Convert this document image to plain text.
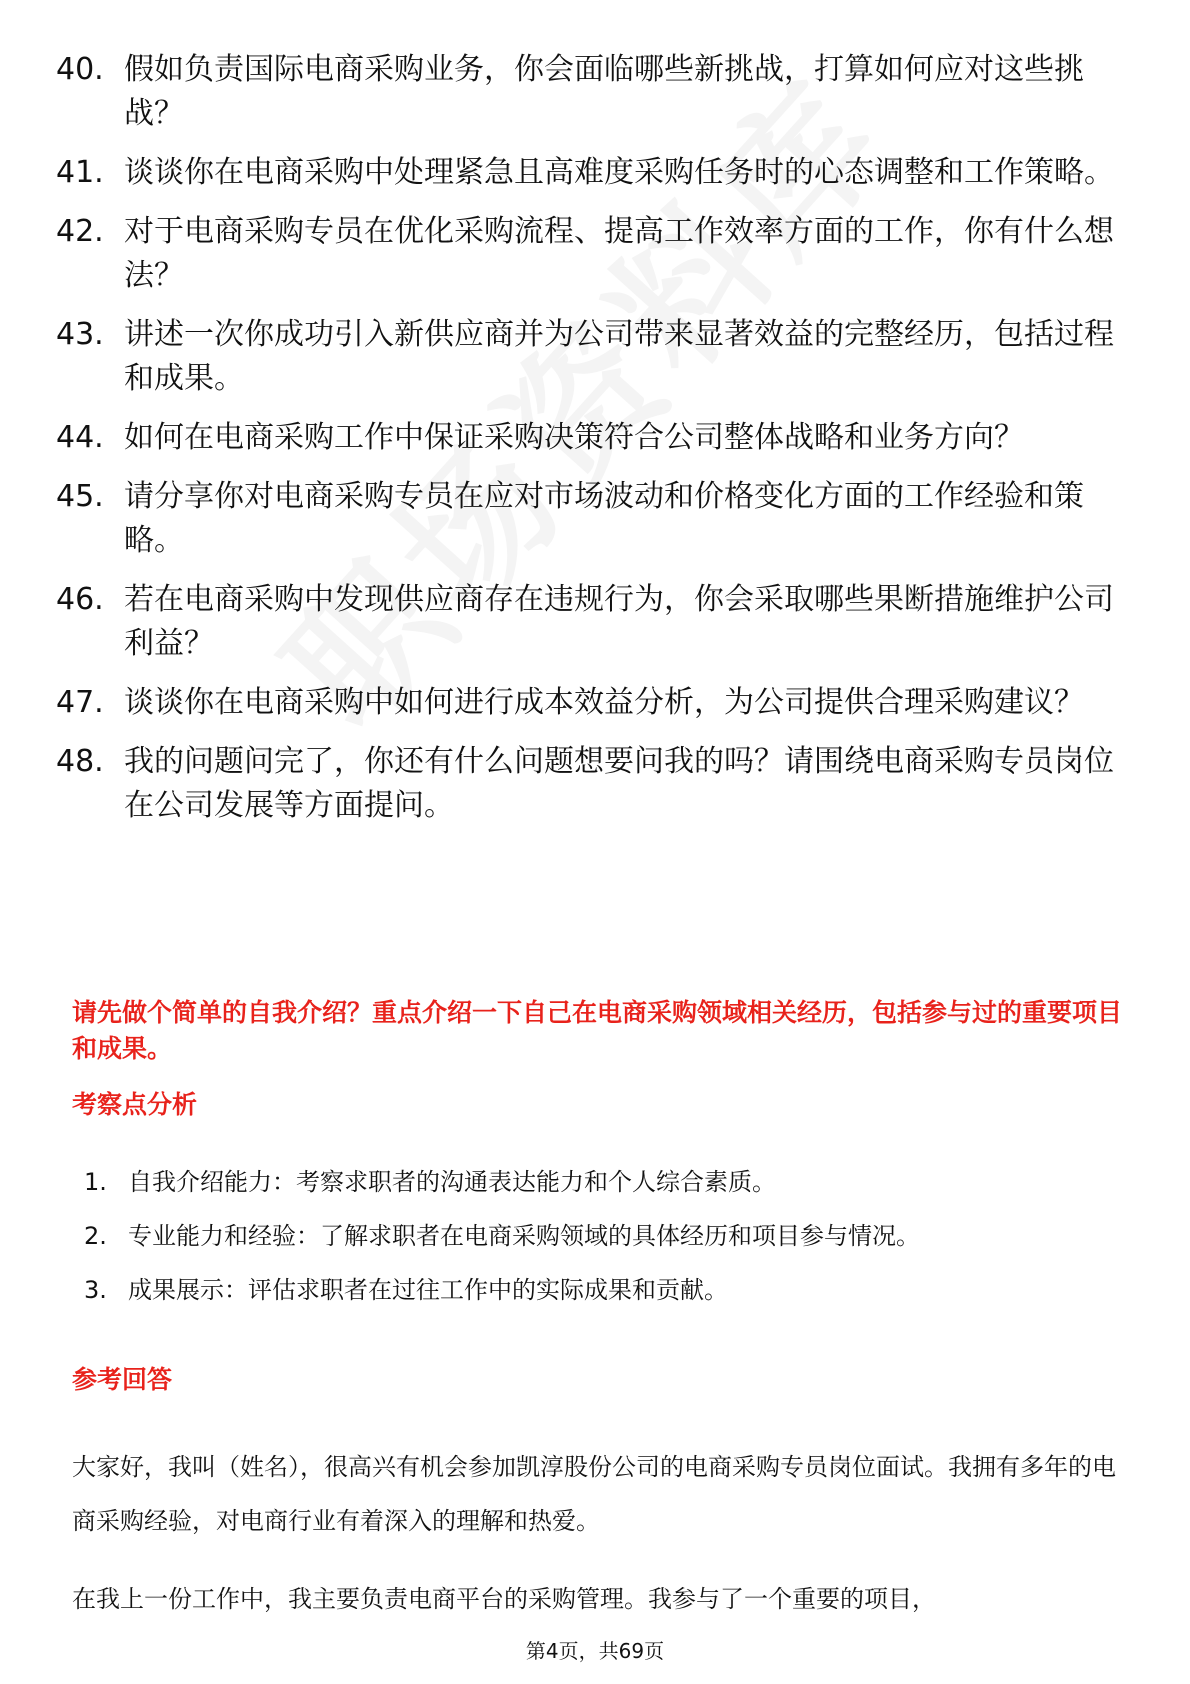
40. 假如负责国际电商采购业务，你会面临哪些新挑战，打算如何应对这些挑战？
41. 谈谈你在电商采购中处理紧急且高难度采购任务时的心态调整和工作策略。
42. 对于电商采购专员在优化采购流程、提高工作效率方面的工作，你有什么想法？
43. 讲述一次你成功引入新供应商并为公司带来显著效益的完整经历，包括过程和成果。
44. 如何在电商采购工作中保证采购决策符合公司整体战略和业务方向？
45. 请分享你对电商采购专员在应对市场波动和价格变化方面的工作经验和策略。
46. 若在电商采购中发现供应商存在违规行为，你会采取哪些果断措施维护公司利益？
47. 谈谈你在电商采购中如何进行成本效益分析，为公司提供合理采购建议？
48. 我的问题问完了，你还有什么问题想要问我的吗？请围绕电商采购专员岗位在公司发展等方面提问。
请先做个简单的自我介绍？重点介绍一下自己在电商采购领域相关经历，包括参与过的重要项目和成果。
考察点分析
1. 自我介绍能力：考察求职者的沟通表达能力和个人综合素质。
2. 专业能力和经验：了解求职者在电商采购领域的具体经历和项目参与情况。
3. 成果展示：评估求职者在过往工作中的实际成果和贡献。
参考回答
大家好，我叫（姓名），很高兴有机会参加凯淳股份公司的电商采购专员岗位面试。我拥有多年的电商采购经验，对电商行业有着深入的理解和热爱。
在我上一份工作中，我主要负责电商平台的采购管理。我参与了一个重要的项目，
第4页，共69页
